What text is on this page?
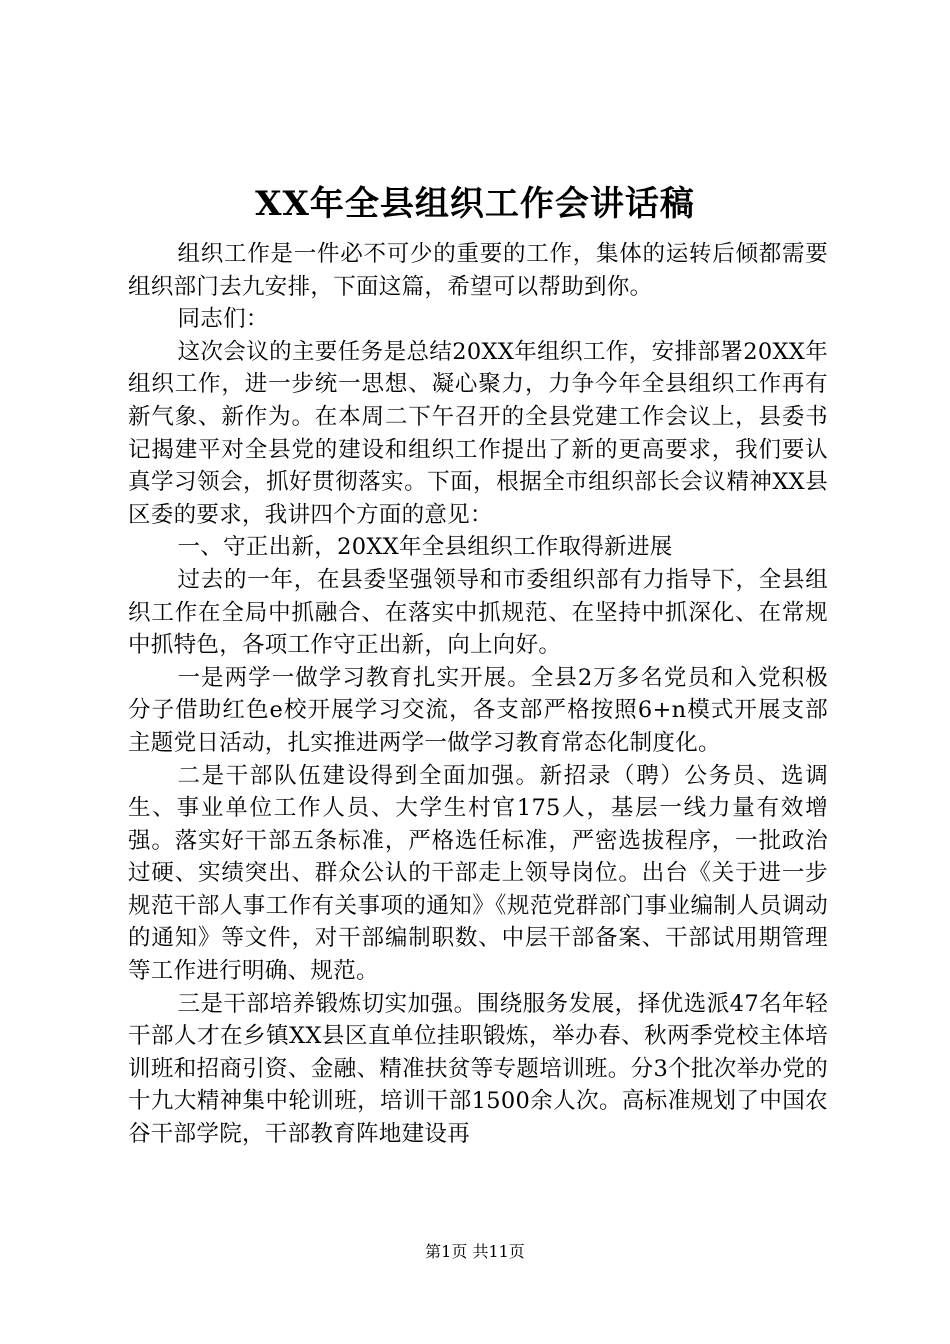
XX年全县组织工作会讲话稿

组织工作是一件必不可少的重要的工作，集体的运转后倾都需要组织部门去九安排，下面这篇，希望可以帮助到你。

同志们：

这次会议的主要任务是总结20XX年组织工作，安排部署20XX年组织工作，进一步统一思想、凝心聚力，力争今年全县组织工作再有新气象、新作为。在本周二下午召开的全县党建工作会议上，县委书记揭建平对全县党的建设和组织工作提出了新的更高要求，我们要认真学习领会，抓好贯彻落实。下面，根据全市组织部长会议精神XX县区委的要求，我讲四个方面的意见：

一、守正出新，20XX年全县组织工作取得新进展

过去的一年，在县委坚强领导和市委组织部有力指导下，全县组织工作在全局中抓融合、在落实中抓规范、在坚持中抓深化、在常规中抓特色，各项工作守正出新，向上向好。

一是两学一做学习教育扎实开展。全县2万多名党员和入党积极分子借助红色e校开展学习交流，各支部严格按照6+n模式开展支部主题党日活动，扎实推进两学一做学习教育常态化制度化。

二是干部队伍建设得到全面加强。新招录（聘）公务员、选调生、事业单位工作人员、大学生村官175人，基层一线力量有效增强。落实好干部五条标准，严格选任标准，严密选拔程序，一批政治过硬、实绩突出、群众公认的干部走上领导岗位。出台《关于进一步规范干部人事工作有关事项的通知》《规范党群部门事业编制人员调动的通知》等文件，对干部编制职数、中层干部备案、干部试用期管理等工作进行明确、规范。

三是干部培养锻炼切实加强。围绕服务发展，择优选派47名年轻干部人才在乡镇XX县区直单位挂职锻炼，举办春、秋两季党校主体培训班和招商引资、金融、精准扶贫等专题培训班。分3个批次举办党的十九大精神集中轮训班，培训干部1500余人次。高标准规划了中国农谷干部学院，干部教育阵地建设再

第1页 共11页
